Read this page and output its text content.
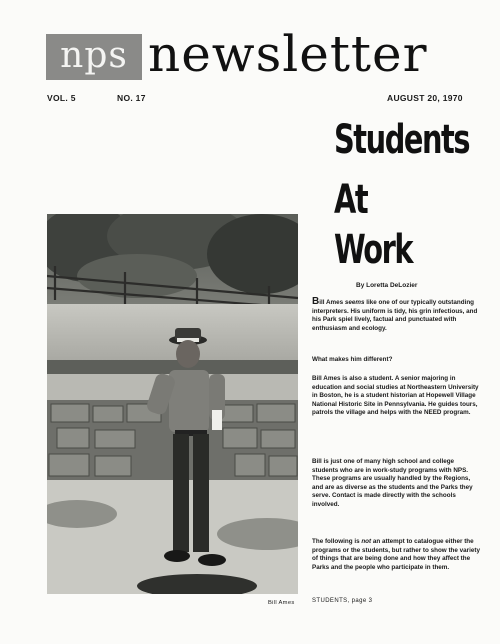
nps newsletter
VOL. 5	NO. 17	AUGUST 20, 1970
Students
At
Work
By Loretta DeLozier
Bill Ames seems like one of our typically outstanding interpreters. His uniform is tidy, his grin infectious, and his Park spiel lively, factual and punctuated with enthusiasm and ecology.
What makes him different?
Bill Ames is also a student. A senior majoring in education and social studies at Northeastern University in Boston, he is a student historian at Hopewell Village National Historic Site in Pennsylvania. He guides tours, patrols the village and helps with the NEED program.
Bill is just one of many high school and college students who are in work-study programs with NPS. These programs are usually handled by the Regions, and are as diverse as the students and the Parks they serve. Contact is made directly with the schools involved.
The following is not an attempt to catalogue either the programs or the students, but rather to show the variety of things that are being done and how they affect the Parks and the people who participate in them.
STUDENTS, page 3
Bill Ames
